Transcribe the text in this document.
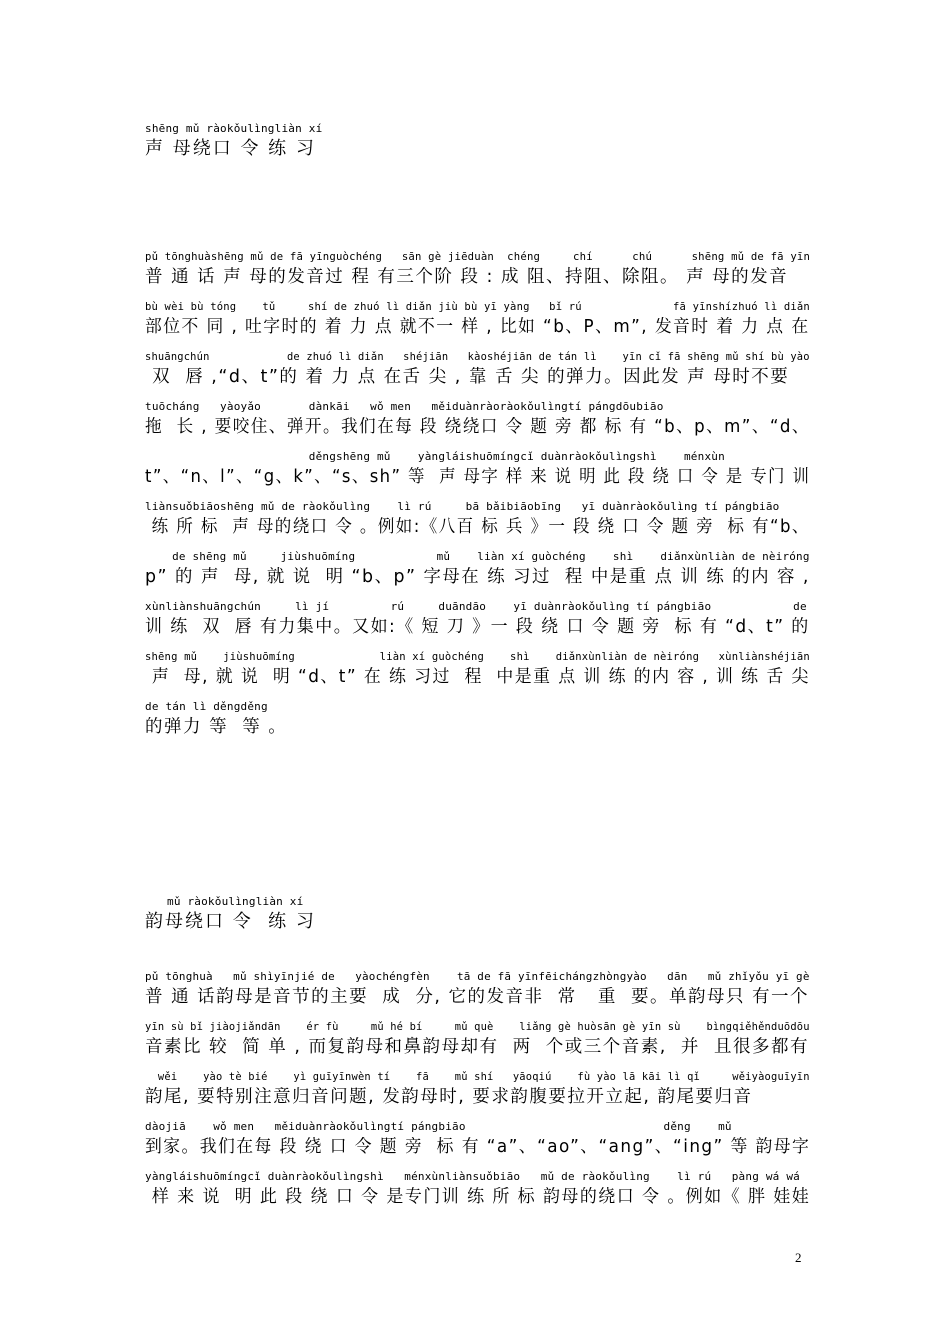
shēng mǔ ràokǒulìngliàn xí
声 母绕口 令 练 习
pǔ tōnghuàshēng mǔ de fā yīnguòchéng   sān gè jiēduàn  chéng     chí      chú      shēng mǔ de fā yīn
普 通 话 声 母的发音过 程 有三个阶 段 : 成 阻、持阻、除阻。 声 母的发音
bù wèi bù tóng    tǔ     shí de zhuó lì diǎn jiù bù yī yàng   bǐ rú              fā yīnshízhuó lì diǎn
部位不 同 , 吐字时的 着 力 点 就不一 样 , 比如 “b、P、m”, 发音时 着 力 点 在
shuāngchún            de zhuó lì diǎn   shéjiān   kàoshéjiān de tán lì    yīn cǐ fā shēng mǔ shí bù yào
双  唇 ,“d、t”的 着 力 点 在舌 尖 , 靠 舌 尖 的弹力。因此发 声 母时不要
tuōcháng   yàoyǎo       dànkāi   wǒ men   měiduànràoràokǒulìngtí pángdōubiāo
拖  长 , 要咬住、弹开。我们在每 段 绕绕口 令 题 旁 都 标 有 “b、p、m”、“d、
děngshēng mǔ    yàngláishuōmíngcǐ duànràokǒulìngshì    ménxùn
t”、“n、l”、“g、k”、“s、sh” 等  声 母字 样 来 说 明 此 段 绕 口 令 是 专门 训
liànsuǒbiāoshēng mǔ de ràokǒulìng    lì rú     bā bǎibiāobīng   yī duànràokǒulìng tí pángbiāo
练 所 标  声 母的绕口 令 。例如:《八百 标 兵 》一 段 绕 口 令 题 旁  标 有“b、
de shēng mǔ     jiùshuōmíng            mǔ    liàn xí guòchéng    shì    diǎnxùnliàn de nèiróng
p” 的 声  母, 就 说  明 “b、p” 字母在 练 习过  程 中是重 点 训 练 的内 容 ,
xùnliànshuāngchún     lì jí         rú     duāndāo    yī duànràokǒulìng tí pángbiāo            de
训 练  双  唇 有力集中。又如:《 短 刀 》一 段 绕 口 令 题 旁  标 有 “d、t” 的
shēng mǔ    jiùshuōmíng             liàn xí guòchéng    shì    diǎnxùnliàn de nèiróng   xùnliànshéjiān
声  母, 就 说  明 “d、t” 在 练 习过  程  中是重 点 训 练 的内 容 , 训 练 舌 尖
de tán lì děngděng
的弹力 等  等 。
mǔ ràokǒulìngliàn xí
韵母绕口 令  练 习
pǔ tōnghuà   mǔ shìyīnjié de   yàochéngfèn    tā de fā yīnfēichángzhòngyào   dān   mǔ zhǐyǒu yī gè
普 通 话韵母是音节的主要  成  分, 它的发音非  常   重  要。单韵母只 有一个
yīn sù bǐ jiàojiǎndān    ér fù     mǔ hé bí     mǔ què    liǎng gè huòsān gè yīn sù    bìngqiěhěnduōdōu
音素比 较  简 单 , 而复韵母和鼻韵母却有  两  个或三个音素,  并  且很多都有
wěi    yào tè bié    yì guīyīnwèn tí    fā    mǔ shí   yāoqiú    fù yào lā kāi lì qǐ     wěiyàoguīyīn
韵尾, 要特别注意归音问题, 发韵母时, 要求韵腹要拉开立起, 韵尾要归音
dàojiā    wǒ men   měiduànràokǒulìngtí pángbiāo                             děng    mǔ
到家。我们在每 段 绕 口 令 题 旁  标 有 “a”、“ao”、“ang”、“ing” 等 韵母字
yàngláishuōmíngcǐ duànràokǒulìngshì   ménxùnliànsuǒbiāo   mǔ de ràokǒulìng    lì rú   pàng wá wá
样 来 说  明 此 段 绕 口 令 是专门训 练 所 标 韵母的绕口 令 。例如《 胖 娃娃
2
